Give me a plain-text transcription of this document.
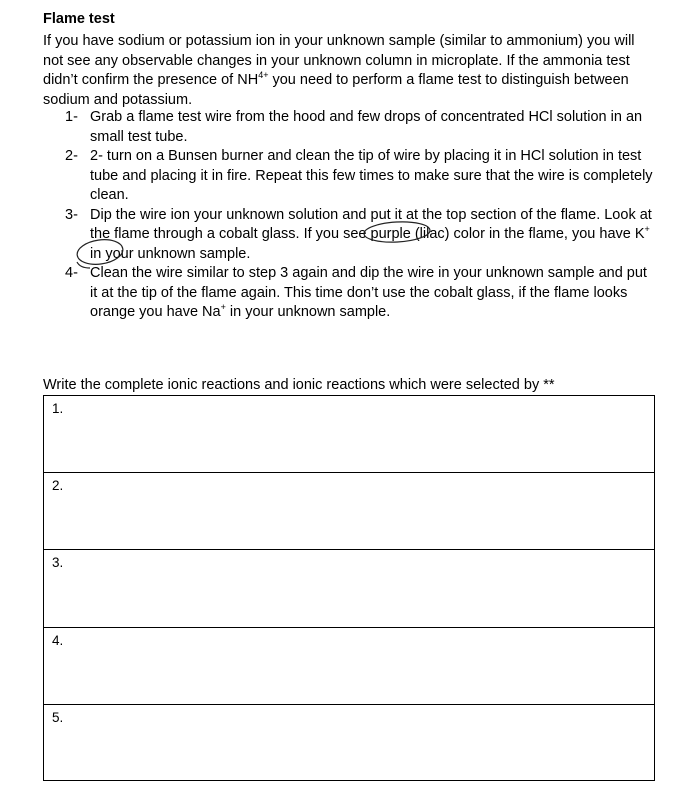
Flame test
If you have sodium or potassium ion in your unknown sample (similar to ammonium) you will not see any observable changes in your unknown column in microplate. If the ammonia test didn’t confirm the presence of $NH^{4+}$ you need to perform a flame test to distinguish between sodium and potassium.
1- Grab a flame test wire from the hood and few drops of concentrated HCl solution in an small test tube.
2- 2- turn on a Bunsen burner and clean the tip of wire by placing it in HCl solution in test tube and placing it in fire. Repeat this few times to make sure that the wire is completely clean.
3- Dip the wire ion your unknown solution and put it at the top section of the flame. Look at the flame through a cobalt glass. If you see purple (lilac) color in the flame, you have K+ in your unknown sample.
4- Clean the wire similar to step 3 again and dip the wire in your unknown sample and put it at the tip of the flame again. This time don’t use the cobalt glass, if the flame looks orange you have Na+ in your unknown sample.
Write the complete ionic reactions and ionic reactions which were selected by **
1.
2.
3.
4.
5.
